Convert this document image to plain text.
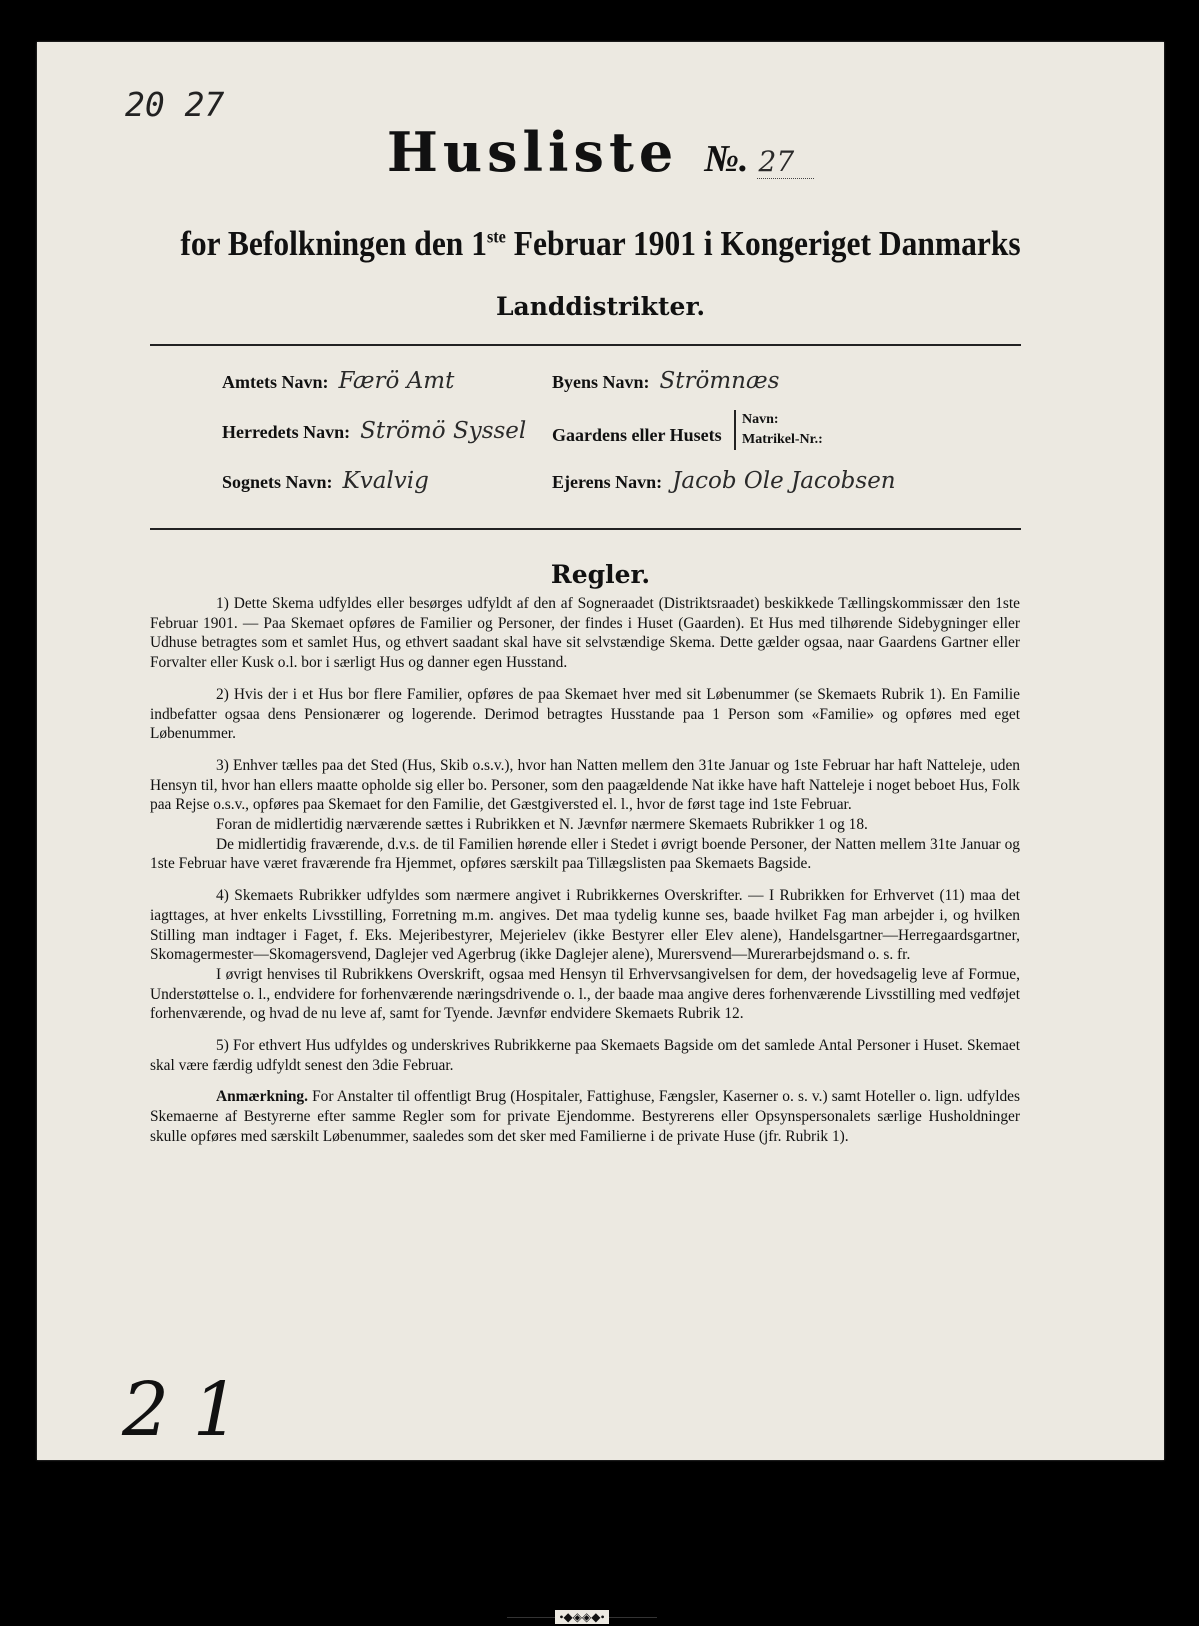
20 27
Husliste №. 27
for Befolkningen den 1ste Februar 1901 i Kongeriget Danmarks
Landdistrikter.
Amtets Navn: Færö Amt
Herredets Navn: Strömö Syssel
Sognets Navn: Kvalvig
Byens Navn: Strömnæs
Gaardens eller Husets
Navn:
Matrikel-Nr.:
Ejerens Navn: Jacob Ole Jacobsen
Regler.

1) Dette Skema udfyldes eller besørges udfyldt af den af Sogneraadet (Distriktsraadet) beskikkede Tællingskommissær den 1ste Februar 1901. — Paa Skemaet opføres de Familier og Personer, der findes i Huset (Gaarden). Et Hus med tilhørende Sidebygninger eller Udhuse betragtes som et samlet Hus, og ethvert saadant skal have sit selvstændige Skema. Dette gælder ogsaa, naar Gaardens Gartner eller Forvalter eller Kusk o.l. bor i særligt Hus og danner egen Husstand.

2) Hvis der i et Hus bor flere Familier, opføres de paa Skemaet hver med sit Løbenummer (se Skemaets Rubrik 1). En Familie indbefatter ogsaa dens Pensionærer og logerende. Derimod betragtes Husstande paa 1 Person som «Familie» og opføres med eget Løbenummer.

3) Enhver tælles paa det Sted (Hus, Skib o.s.v.), hvor han Natten mellem den 31te Januar og 1ste Februar har haft Natteleje, uden Hensyn til, hvor han ellers maatte opholde sig eller bo. Personer, som den paagældende Nat ikke have haft Natteleje i noget beboet Hus, Folk paa Rejse o.s.v., opføres paa Skemaet for den Familie, det Gæstgiversted el. l., hvor de først tage ind 1ste Februar.

Foran de midlertidig nærværende sættes i Rubrikken et N. Jævnfør nærmere Skemaets Rubrikker 1 og 18.

De midlertidig fraværende, d.v.s. de til Familien hørende eller i Stedet i øvrigt boende Personer, der Natten mellem 31te Januar og 1ste Februar have været fraværende fra Hjemmet, opføres særskilt paa Tillægslisten paa Skemaets Bagside.

4) Skemaets Rubrikker udfyldes som nærmere angivet i Rubrikkernes Overskrifter. — I Rubrikken for Erhvervet (11) maa det iagttages, at hver enkelts Livsstilling, Forretning m.m. angives. Det maa tydelig kunne ses, baade hvilket Fag man arbejder i, og hvilken Stilling man indtager i Faget, f. Eks. Mejeribestyrer, Mejerielev (ikke Bestyrer eller Elev alene), Handelsgartner—Herregaardsgartner, Skomagermester—Skomagersvend, Daglejer ved Agerbrug (ikke Daglejer alene), Murersvend—Murerarbejdsmand o. s. fr.

I øvrigt henvises til Rubrikkens Overskrift, ogsaa med Hensyn til Erhvervsangivelsen for dem, der hovedsagelig leve af Formue, Understøttelse o. l., endvidere for forhenværende næringsdrivende o. l., der baade maa angive deres forhenværende Livsstilling med vedføjet forhenværende, og hvad de nu leve af, samt for Tyende. Jævnfør endvidere Skemaets Rubrik 12.

5) For ethvert Hus udfyldes og underskrives Rubrikkerne paa Skemaets Bagside om det samlede Antal Personer i Huset. Skemaet skal være færdig udfyldt senest den 3die Februar.

Anmærkning. For Anstalter til offentligt Brug (Hospitaler, Fattighuse, Fængsler, Kaserner o. s. v.) samt Hoteller o. lign. udfyldes Skemaerne af Bestyrerne efter samme Regler som for private Ejendomme. Bestyrerens eller Opsynspersonalets særlige Husholdninger skulle opføres med særskilt Løbenummer, saaledes som det sker med Familierne i de private Huse (jfr. Rubrik 1).

•◆◈◈◆•
2 1
